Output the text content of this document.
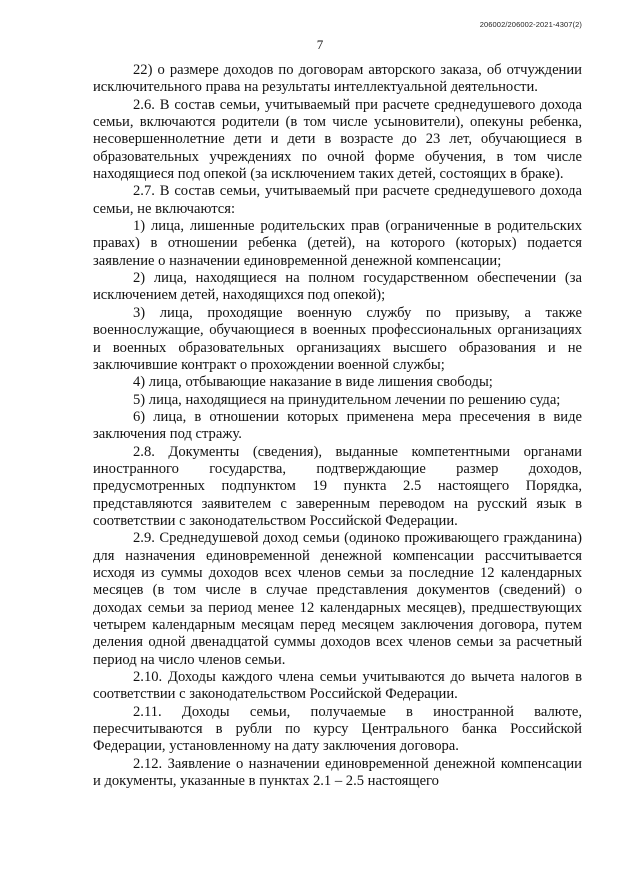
206002/206002-2021-4307(2)
7

22) о размере доходов по договорам авторского заказа, об отчуждении исключительного права на результаты интеллектуальной деятельности.

2.6. В состав семьи, учитываемый при расчете среднедушевого дохода семьи, включаются родители (в том числе усыновители), опекуны ребенка, несовершеннолетние дети и дети в возрасте до 23 лет, обучающиеся в образовательных учреждениях по очной форме обучения, в том числе находящиеся под опекой (за исключением таких детей, состоящих в браке).

2.7. В состав семьи, учитываемый при расчете среднедушевого дохода семьи, не включаются:

1) лица, лишенные родительских прав (ограниченные в родительских правах) в отношении ребенка (детей), на которого (которых) подается заявление о назначении единовременной денежной компенсации;

2) лица, находящиеся на полном государственном обеспечении (за исключением детей, находящихся под опекой);

3) лица, проходящие военную службу по призыву, а также военнослужащие, обучающиеся в военных профессиональных организациях и военных образовательных организациях высшего образования и не заключившие контракт о прохождении военной службы;

4) лица, отбывающие наказание в виде лишения свободы;

5) лица, находящиеся на принудительном лечении по решению суда;

6) лица, в отношении которых применена мера пресечения в виде заключения под стражу.

2.8. Документы (сведения), выданные компетентными органами иностранного государства, подтверждающие размер доходов, предусмотренных подпунктом 19 пункта 2.5 настоящего Порядка, представляются заявителем с заверенным переводом на русский язык в соответствии с законодательством Российской Федерации.

2.9. Среднедушевой доход семьи (одиноко проживающего гражданина) для назначения единовременной денежной компенсации рассчитывается исходя из суммы доходов всех членов семьи за последние 12 календарных месяцев (в том числе в случае представления документов (сведений) о доходах семьи за период менее 12 календарных месяцев), предшествующих четырем календарным месяцам перед месяцем заключения договора, путем деления одной двенадцатой суммы доходов всех членов семьи за расчетный период на число членов семьи.

2.10. Доходы каждого члена семьи учитываются до вычета налогов в соответствии с законодательством Российской Федерации.

2.11. Доходы семьи, получаемые в иностранной валюте, пересчитываются в рубли по курсу Центрального банка Российской Федерации, установленному на дату заключения договора.

2.12. Заявление о назначении единовременной денежной компенсации и документы, указанные в пунктах 2.1 – 2.5 настоящего
